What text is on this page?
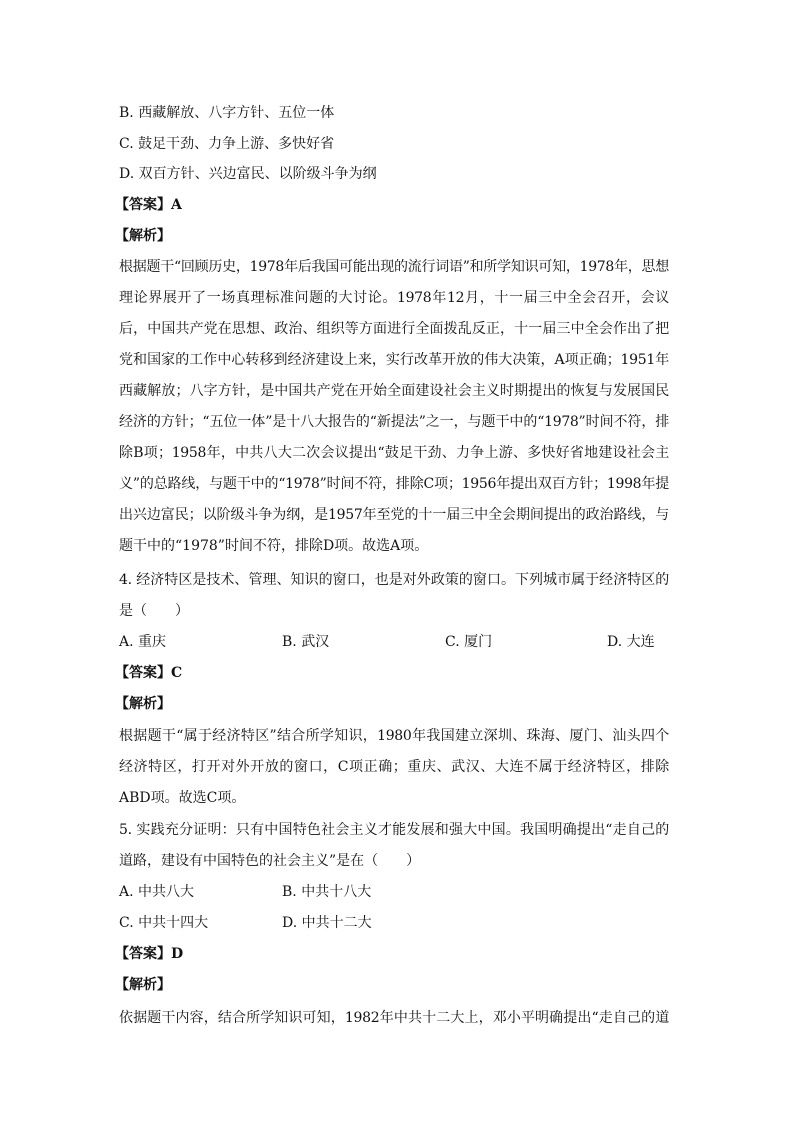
B. 西藏解放、八字方针、五位一体
C. 鼓足干劲、力争上游、多快好省
D. 双百方针、兴边富民、以阶级斗争为纲
【答案】A
【解析】
根据题干“回顾历史，1978年后我国可能出现的流行词语”和所学知识可知，1978年，思想
理论界展开了一场真理标准问题的大讨论。1978年12月，十一届三中全会召开，会议
后，中国共产党在思想、政治、组织等方面进行全面拨乱反正，十一届三中全会作出了把
党和国家的工作中心转移到经济建设上来，实行改革开放的伟大决策，A项正确；1951年
西藏解放；八字方针，是中国共产党在开始全面建设社会主义时期提出的恢复与发展国民
经济的方针；“五位一体”是十八大报告的“新提法”之一，与题干中的“1978”时间不符，排
除B项；1958年，中共八大二次会议提出“鼓足干劲、力争上游、多快好省地建设社会主
义”的总路线，与题干中的“1978”时间不符，排除C项；1956年提出双百方针；1998年提
出兴边富民；以阶级斗争为纲，是1957年至党的十一届三中全会期间提出的政治路线，与
题干中的“1978”时间不符，排除D项。故选A项。
4. 经济特区是技术、管理、知识的窗口，也是对外政策的窗口。下列城市属于经济特区的
是（　　）
A. 重庆	B. 武汉	C. 厦门	D. 大连
【答案】C
【解析】
根据题干“属于经济特区”结合所学知识，1980年我国建立深圳、珠海、厦门、汕头四个
经济特区，打开对外开放的窗口，C项正确；重庆、武汉、大连不属于经济特区，排除
ABD项。故选C项。
5. 实践充分证明：只有中国特色社会主义才能发展和强大中国。我国明确提出“走自己的
道路，建设有中国特色的社会主义”是在（　　）
A. 中共八大	B. 中共十八大
C. 中共十四大	D. 中共十二大
【答案】D
【解析】
依据题干内容，结合所学知识可知，1982年中共十二大上，邓小平明确提出“走自己的道
